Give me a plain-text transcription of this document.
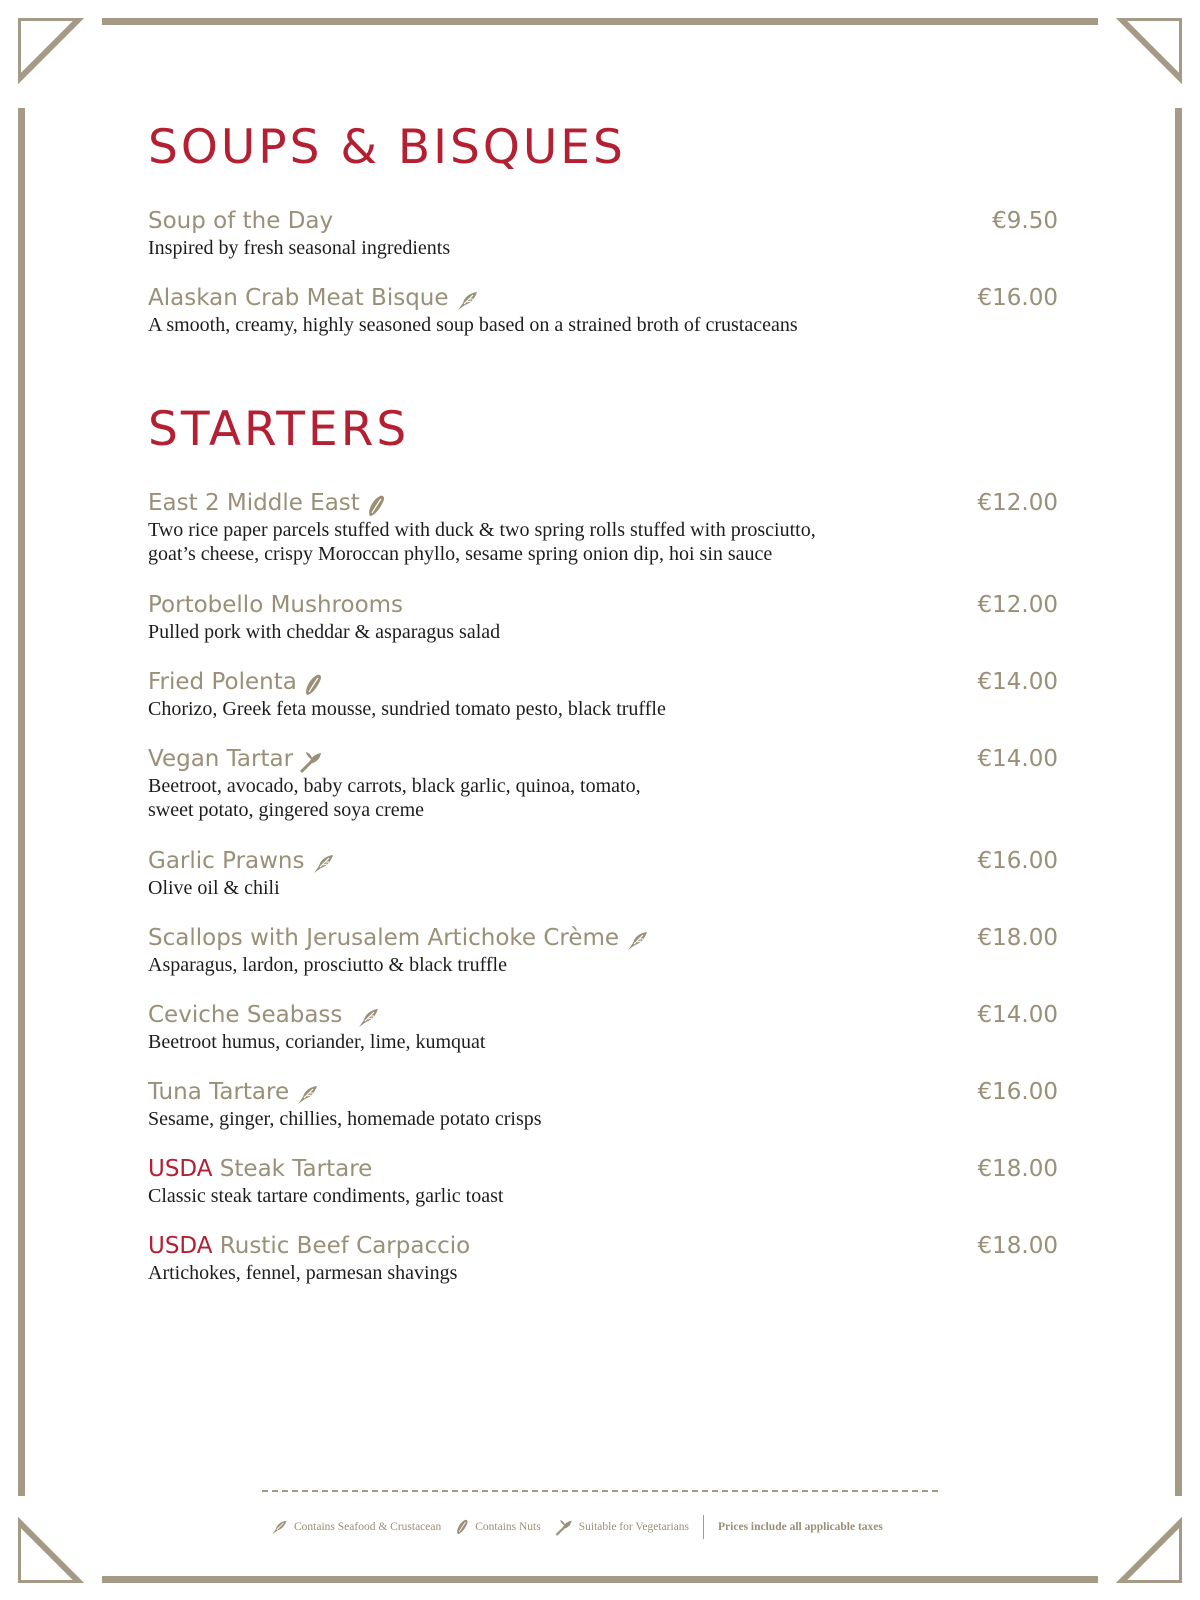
SOUPS & BISQUES
Soup of the Day	€9.50
Inspired by fresh seasonal ingredients
Alaskan Crab Meat Bisque	€16.00
A smooth, creamy, highly seasoned soup based on a strained broth of crustaceans
STARTERS
East 2 Middle East	€12.00
Two rice paper parcels stuffed with duck & two spring rolls stuffed with prosciutto,
goat’s cheese, crispy Moroccan phyllo, sesame spring onion dip, hoi sin sauce
Portobello Mushrooms	€12.00
Pulled pork with cheddar & asparagus salad
Fried Polenta	€14.00
Chorizo, Greek feta mousse, sundried tomato pesto, black truffle
Vegan Tartar	€14.00
Beetroot, avocado, baby carrots, black garlic, quinoa, tomato,
sweet potato, gingered soya creme
Garlic Prawns	€16.00
Olive oil & chili
Scallops with Jerusalem Artichoke Crème	€18.00
Asparagus, lardon, prosciutto & black truffle
Ceviche Seabass	€14.00
Beetroot humus, coriander, lime, kumquat
Tuna Tartare	€16.00
Sesame, ginger, chillies, homemade potato crisps
USDA Steak Tartare	€18.00
Classic steak tartare condiments, garlic toast
USDA Rustic Beef Carpaccio	€18.00
Artichokes, fennel, parmesan shavings
Contains Seafood & Crustacean	Contains Nuts	Suitable for Vegetarians	Prices include all applicable taxes
